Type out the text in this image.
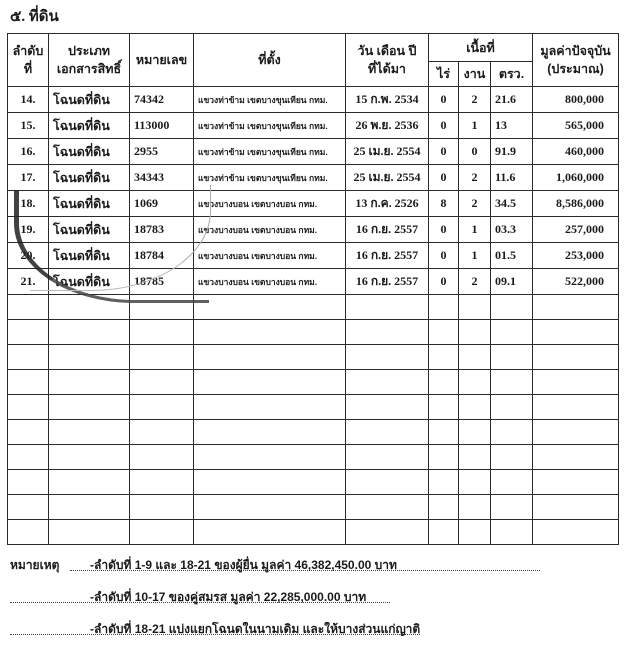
๕. ที่ดิน
ลำดับ
ที่

ประเภท
เอกสารสิทธิ์
	หมายเลข	ที่ตั้ง	
วัน เดือน ปี
ที่ได้มา
	เนื้อที่	มูลค่าปัจจุบัน
(ประมาณ)

					ไร่	งาน	ตรว.	
14.	โฉนดที่ดิน	74342	แขวงท่าข้าม เขตบางขุนเทียน กทม.	15 ก.พ. 2534	0	2	21.6	800,000
15.	โฉนดที่ดิน	113000	แขวงท่าข้าม เขตบางขุนเทียน กทม.	26 พ.ย. 2536	0	1	13	565,000
16.	โฉนดที่ดิน	2955	แขวงท่าข้าม เขตบางขุนเทียน กทม.	25 เม.ย. 2554	0	0	91.9	460,000
17.	โฉนดที่ดิน	34343	แขวงท่าข้าม เขตบางขุนเทียน กทม.	25 เม.ย. 2554	0	2	11.6	1,060,000
18.	โฉนดที่ดิน	1069	แขวงบางบอน เขตบางบอน กทม.	13 ก.ค. 2526	8	2	34.5	8,586,000
19.	โฉนดที่ดิน	18783	แขวงบางบอน เขตบางบอน กทม.	16 ก.ย. 2557	0	1	03.3	257,000
20.	โฉนดที่ดิน	18784	แขวงบางบอน เขตบางบอน กทม.	16 ก.ย. 2557	0	1	01.5	253,000
21.	โฉนดที่ดิน	18785	แขวงบางบอน เขตบางบอน กทม.	16 ก.ย. 2557	0	2	09.1	522,000

หมายเหตุ	-ลำดับที่ 1-9 และ 18-21 ของผู้ยื่น มูลค่า 46,382,450.00 บาท
-ลำดับที่ 10-17 ของคู่สมรส มูลค่า 22,285,000.00 บาท
-ลำดับที่ 18-21 แบ่งแยกโฉนดในนามเดิม และให้บางส่วนแก่ญาติ
